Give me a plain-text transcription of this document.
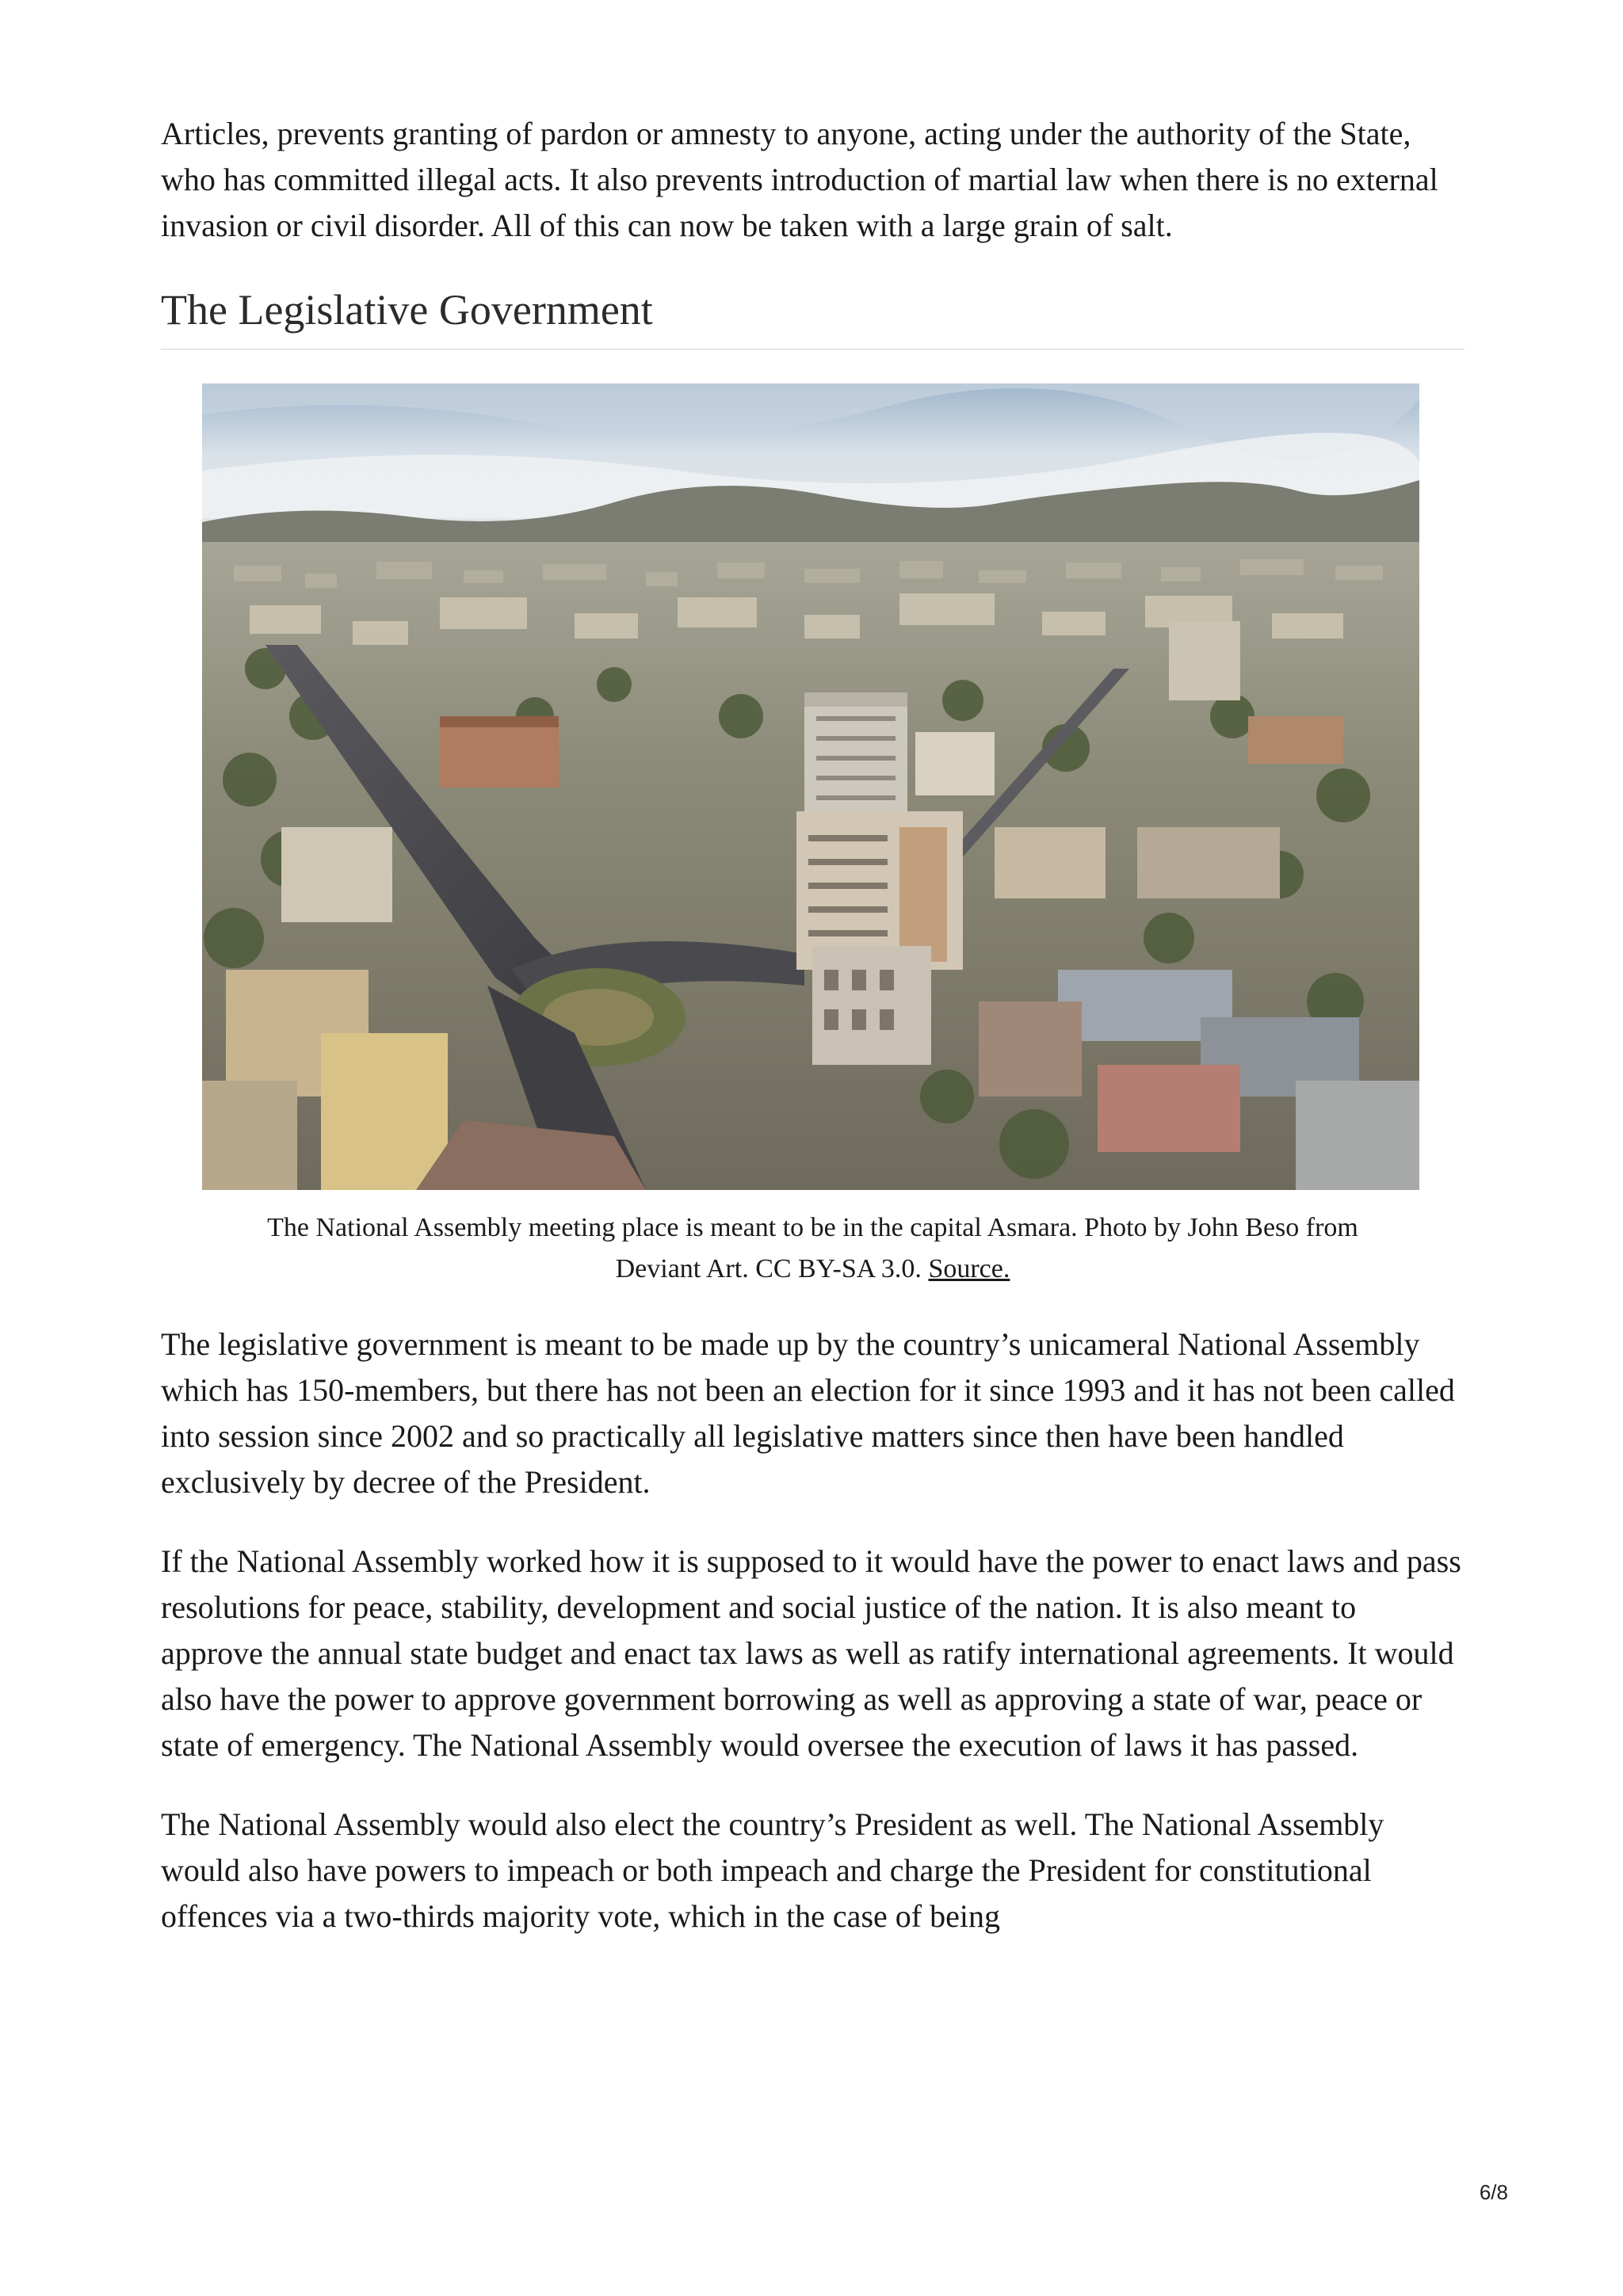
Articles, prevents granting of pardon or amnesty to anyone, acting under the authority of the State, who has committed illegal acts. It also prevents introduction of martial law when there is no external invasion or civil disorder. All of this can now be taken with a large grain of salt.

The Legislative Government
The National Assembly meeting place is meant to be in the capital Asmara. Photo by John Beso from Deviant Art. CC BY-SA 3.0. Source.

The legislative government is meant to be made up by the country’s unicameral National Assembly which has 150-members, but there has not been an election for it since 1993 and it has not been called into session since 2002 and so practically all legislative matters since then have been handled exclusively by decree of the President.

If the National Assembly worked how it is supposed to it would have the power to enact laws and pass resolutions for peace, stability, development and social justice of the nation. It is also meant to approve the annual state budget and enact tax laws as well as ratify international agreements. It would also have the power to approve government borrowing as well as approving a state of war, peace or state of emergency. The National Assembly would oversee the execution of laws it has passed.

The National Assembly would also elect the country’s President as well. The National Assembly would also have powers to impeach or both impeach and charge the President for constitutional offences via a two-thirds majority vote, which in the case of being

6/8
